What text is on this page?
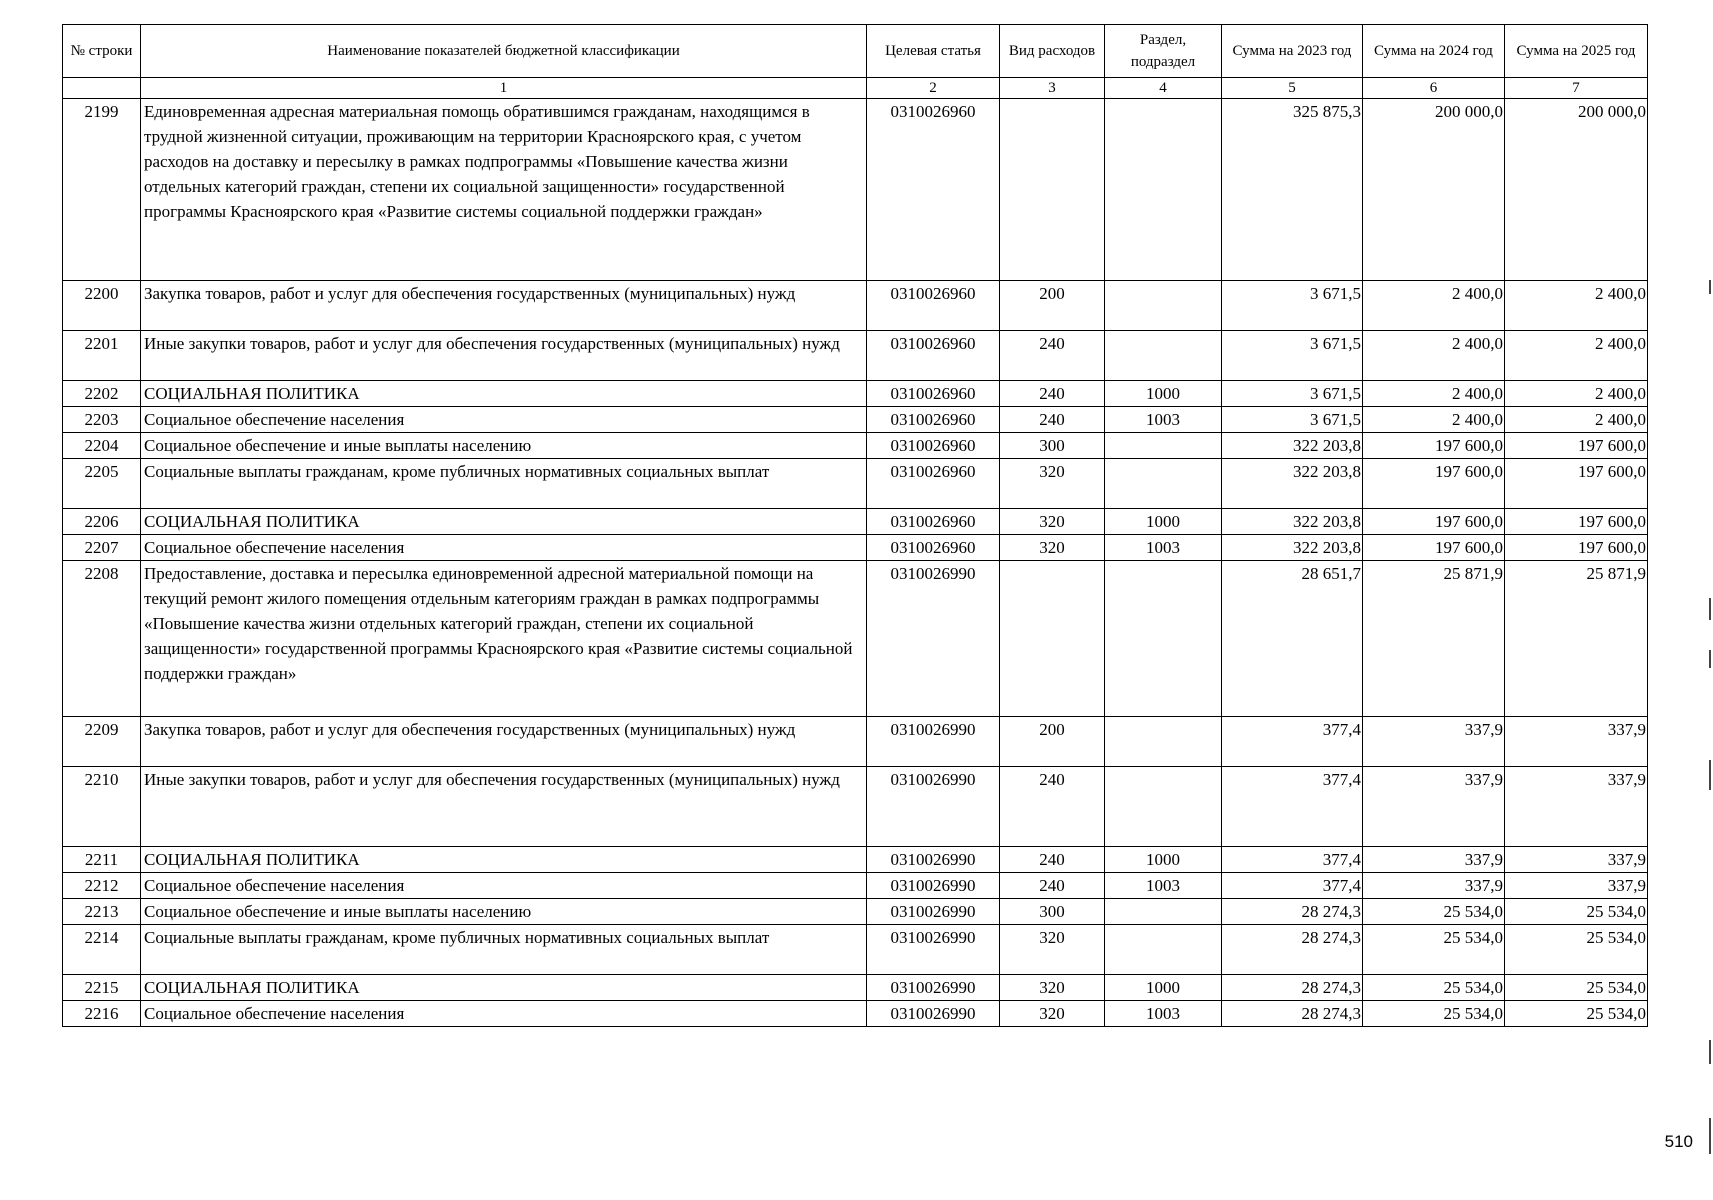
№ строки	Наименование показателей бюджетной классификации	Целевая статья	Вид расходов	Раздел, подраздел	Сумма на 2023 год	Сумма на 2024 год	Сумма на 2025 год
	1	2	3	4	5	6	7
2199	Единовременная адресная материальная помощь обратившимся гражданам, находящимся в трудной жизненной ситуации, проживающим на территории Красноярского края, с учетом расходов на доставку и пересылку в рамках подпрограммы «Повышение качества жизни отдельных категорий граждан, степени их социальной защищенности» государственной программы Красноярского края «Развитие системы социальной поддержки граждан»	0310026960			325 875,3	200 000,0	200 000,0
2200	Закупка товаров, работ и услуг для обеспечения государственных (муниципальных) нужд	0310026960	200		3 671,5	2 400,0	2 400,0
2201	Иные закупки товаров, работ и услуг для обеспечения государственных (муниципальных) нужд	0310026960	240		3 671,5	2 400,0	2 400,0
2202	СОЦИАЛЬНАЯ ПОЛИТИКА	0310026960	240	1000	3 671,5	2 400,0	2 400,0
2203	Социальное обеспечение населения	0310026960	240	1003	3 671,5	2 400,0	2 400,0
2204	Социальное обеспечение и иные выплаты населению	0310026960	300		322 203,8	197 600,0	197 600,0
2205	Социальные выплаты гражданам, кроме публичных нормативных социальных выплат	0310026960	320		322 203,8	197 600,0	197 600,0
2206	СОЦИАЛЬНАЯ ПОЛИТИКА	0310026960	320	1000	322 203,8	197 600,0	197 600,0
2207	Социальное обеспечение населения	0310026960	320	1003	322 203,8	197 600,0	197 600,0
2208	Предоставление, доставка и пересылка единовременной адресной материальной помощи на текущий ремонт жилого помещения отдельным категориям граждан в рамках подпрограммы «Повышение качества жизни отдельных категорий граждан, степени их социальной защищенности» государственной программы Красноярского края «Развитие системы социальной поддержки граждан»	0310026990			28 651,7	25 871,9	25 871,9
2209	Закупка товаров, работ и услуг для обеспечения государственных (муниципальных) нужд	0310026990	200		377,4	337,9	337,9
2210	Иные закупки товаров, работ и услуг для обеспечения государственных (муниципальных) нужд	0310026990	240		377,4	337,9	337,9
2211	СОЦИАЛЬНАЯ ПОЛИТИКА	0310026990	240	1000	377,4	337,9	337,9
2212	Социальное обеспечение населения	0310026990	240	1003	377,4	337,9	337,9
2213	Социальное обеспечение и иные выплаты населению	0310026990	300		28 274,3	25 534,0	25 534,0
2214	Социальные выплаты гражданам, кроме публичных нормативных социальных выплат	0310026990	320		28 274,3	25 534,0	25 534,0
2215	СОЦИАЛЬНАЯ ПОЛИТИКА	0310026990	320	1000	28 274,3	25 534,0	25 534,0
2216	Социальное обеспечение населения	0310026990	320	1003	28 274,3	25 534,0	25 534,0
510
